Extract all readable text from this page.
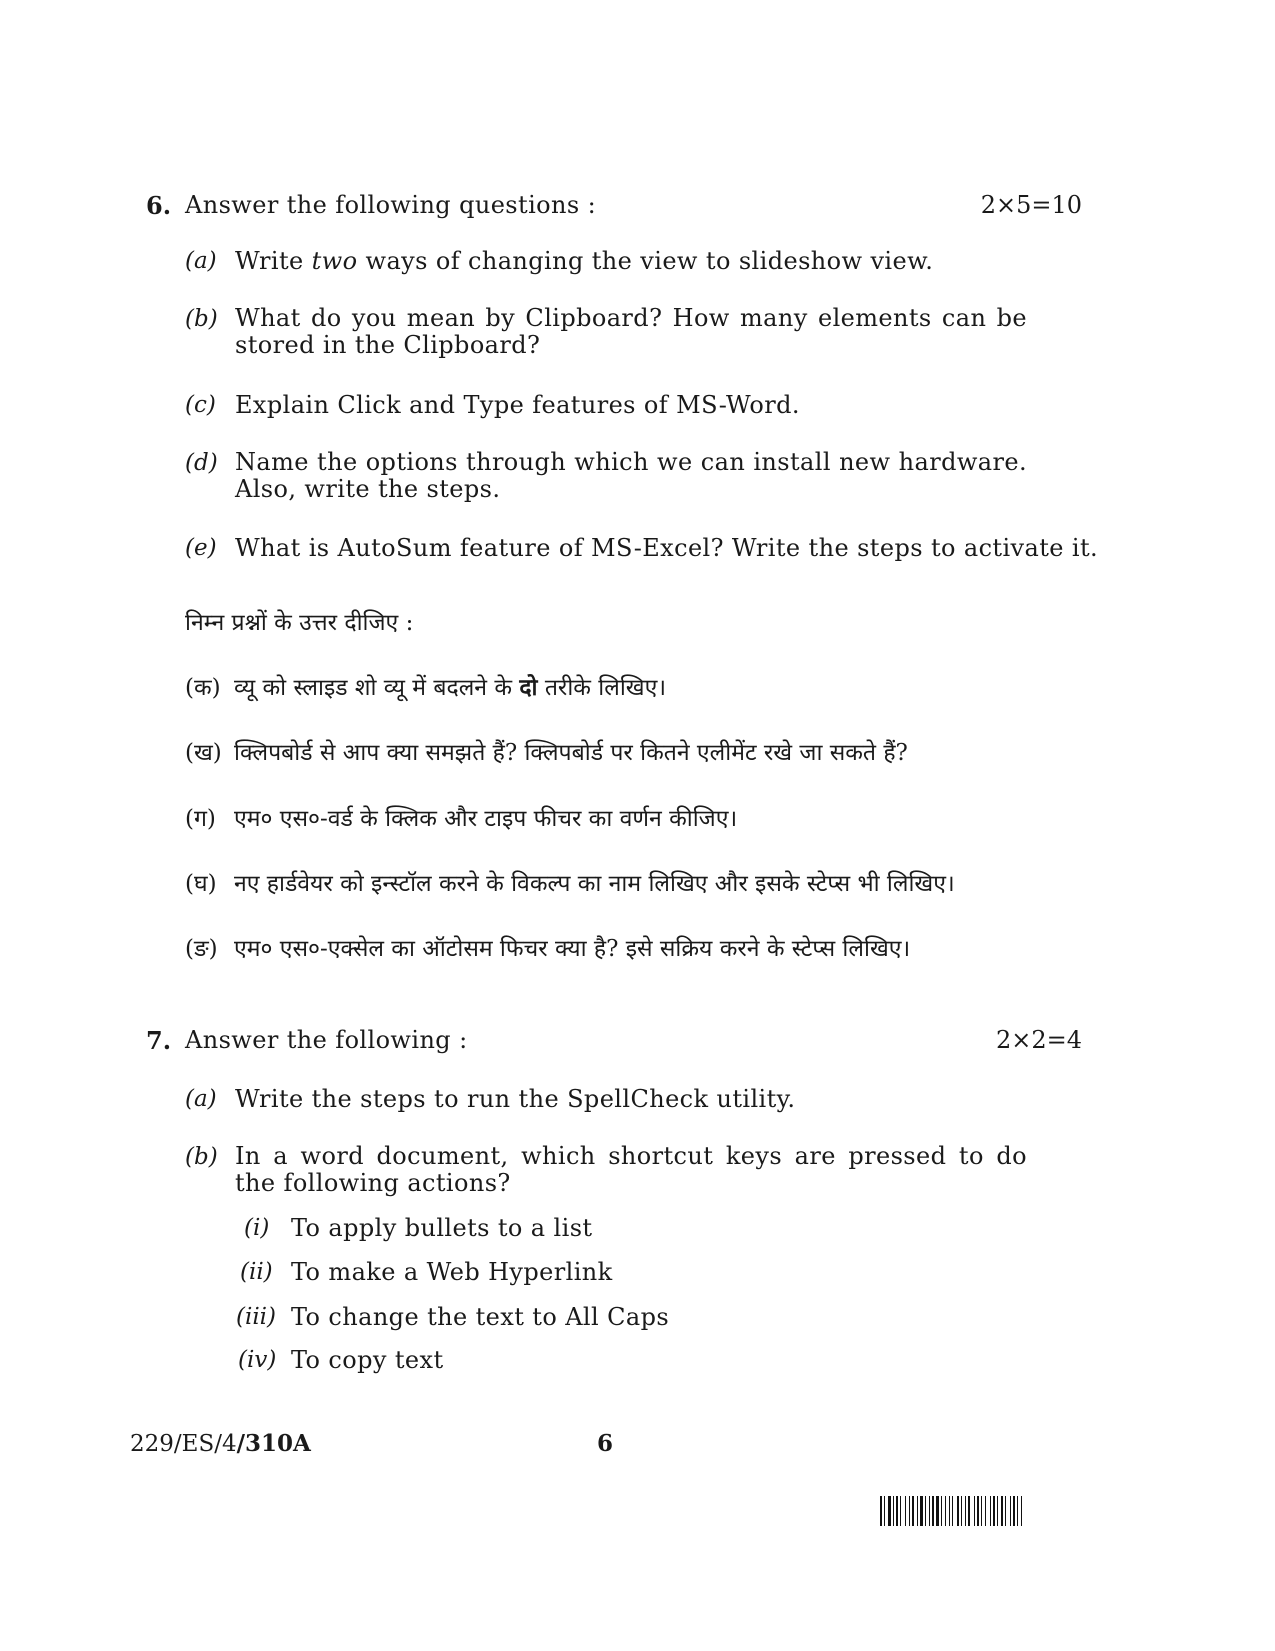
6. Answer the following questions :	2×5=10
(a) Write two ways of changing the view to slideshow view.
(b) What do you mean by Clipboard? How many elements can be stored in the Clipboard?
(c) Explain Click and Type features of MS-Word.
(d) Name the options through which we can install new hardware. Also, write the steps.
(e) What is AutoSum feature of MS-Excel? Write the steps to activate it.
निम्न प्रश्नों के उत्तर दीजिए :
(क) व्यू को स्लाइड शो व्यू में बदलने के दो तरीके लिखिए।
(ख) क्लिपबोर्ड से आप क्या समझते हैं? क्लिपबोर्ड पर कितने एलीमेंट रखे जा सकते हैं?
(ग) एम० एस०-वर्ड के क्लिक और टाइप फीचर का वर्णन कीजिए।
(घ) नए हार्डवेयर को इन्स्टॉल करने के विकल्प का नाम लिखिए और इसके स्टेप्स भी लिखिए।
(ङ) एम० एस०-एक्सेल का ऑटोसम फिचर क्या है? इसे सक्रिय करने के स्टेप्स लिखिए।
7. Answer the following :	2×2=4
(a) Write the steps to run the SpellCheck utility.
(b) In a word document, which shortcut keys are pressed to do the following actions?
(i) To apply bullets to a list
(ii) To make a Web Hyperlink
(iii) To change the text to All Caps
(iv) To copy text
229/ES/4/310A	6
